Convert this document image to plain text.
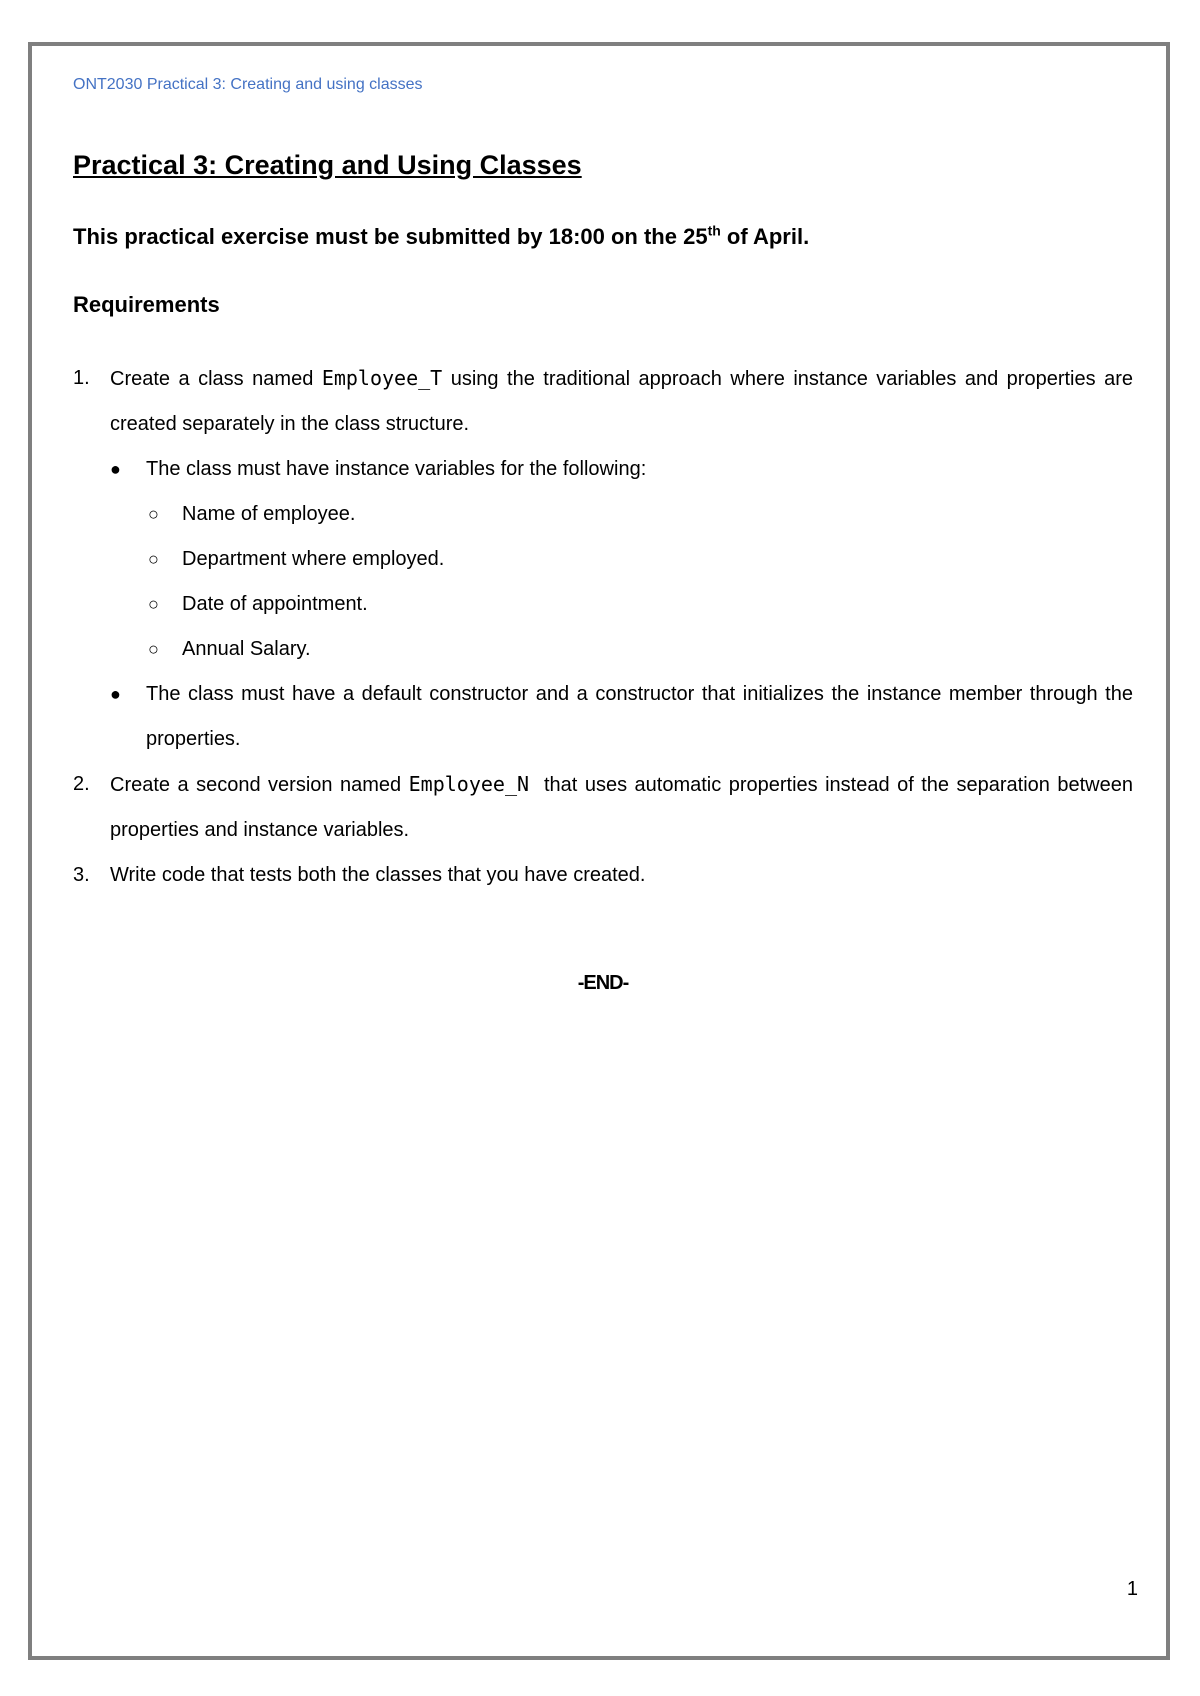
ONT2030 Practical 3: Creating and using classes

Practical 3: Creating and Using Classes

This practical exercise must be submitted by 18:00 on the 25th of April.

Requirements
1. Create a class named Employee_T using the traditional approach where instance variables and properties are created separately in the class structure.
●	The class must have instance variables for the following:
○ Name of employee.
○ Department where employed.
○ Date of appointment.
○ Annual Salary.
●	The class must have a default constructor and a constructor that initializes the instance member through the properties.
2. Create a second version named Employee_N  that uses automatic properties instead of the separation between properties and instance variables.
3. Write code that tests both the classes that you have created.
-END-
1
